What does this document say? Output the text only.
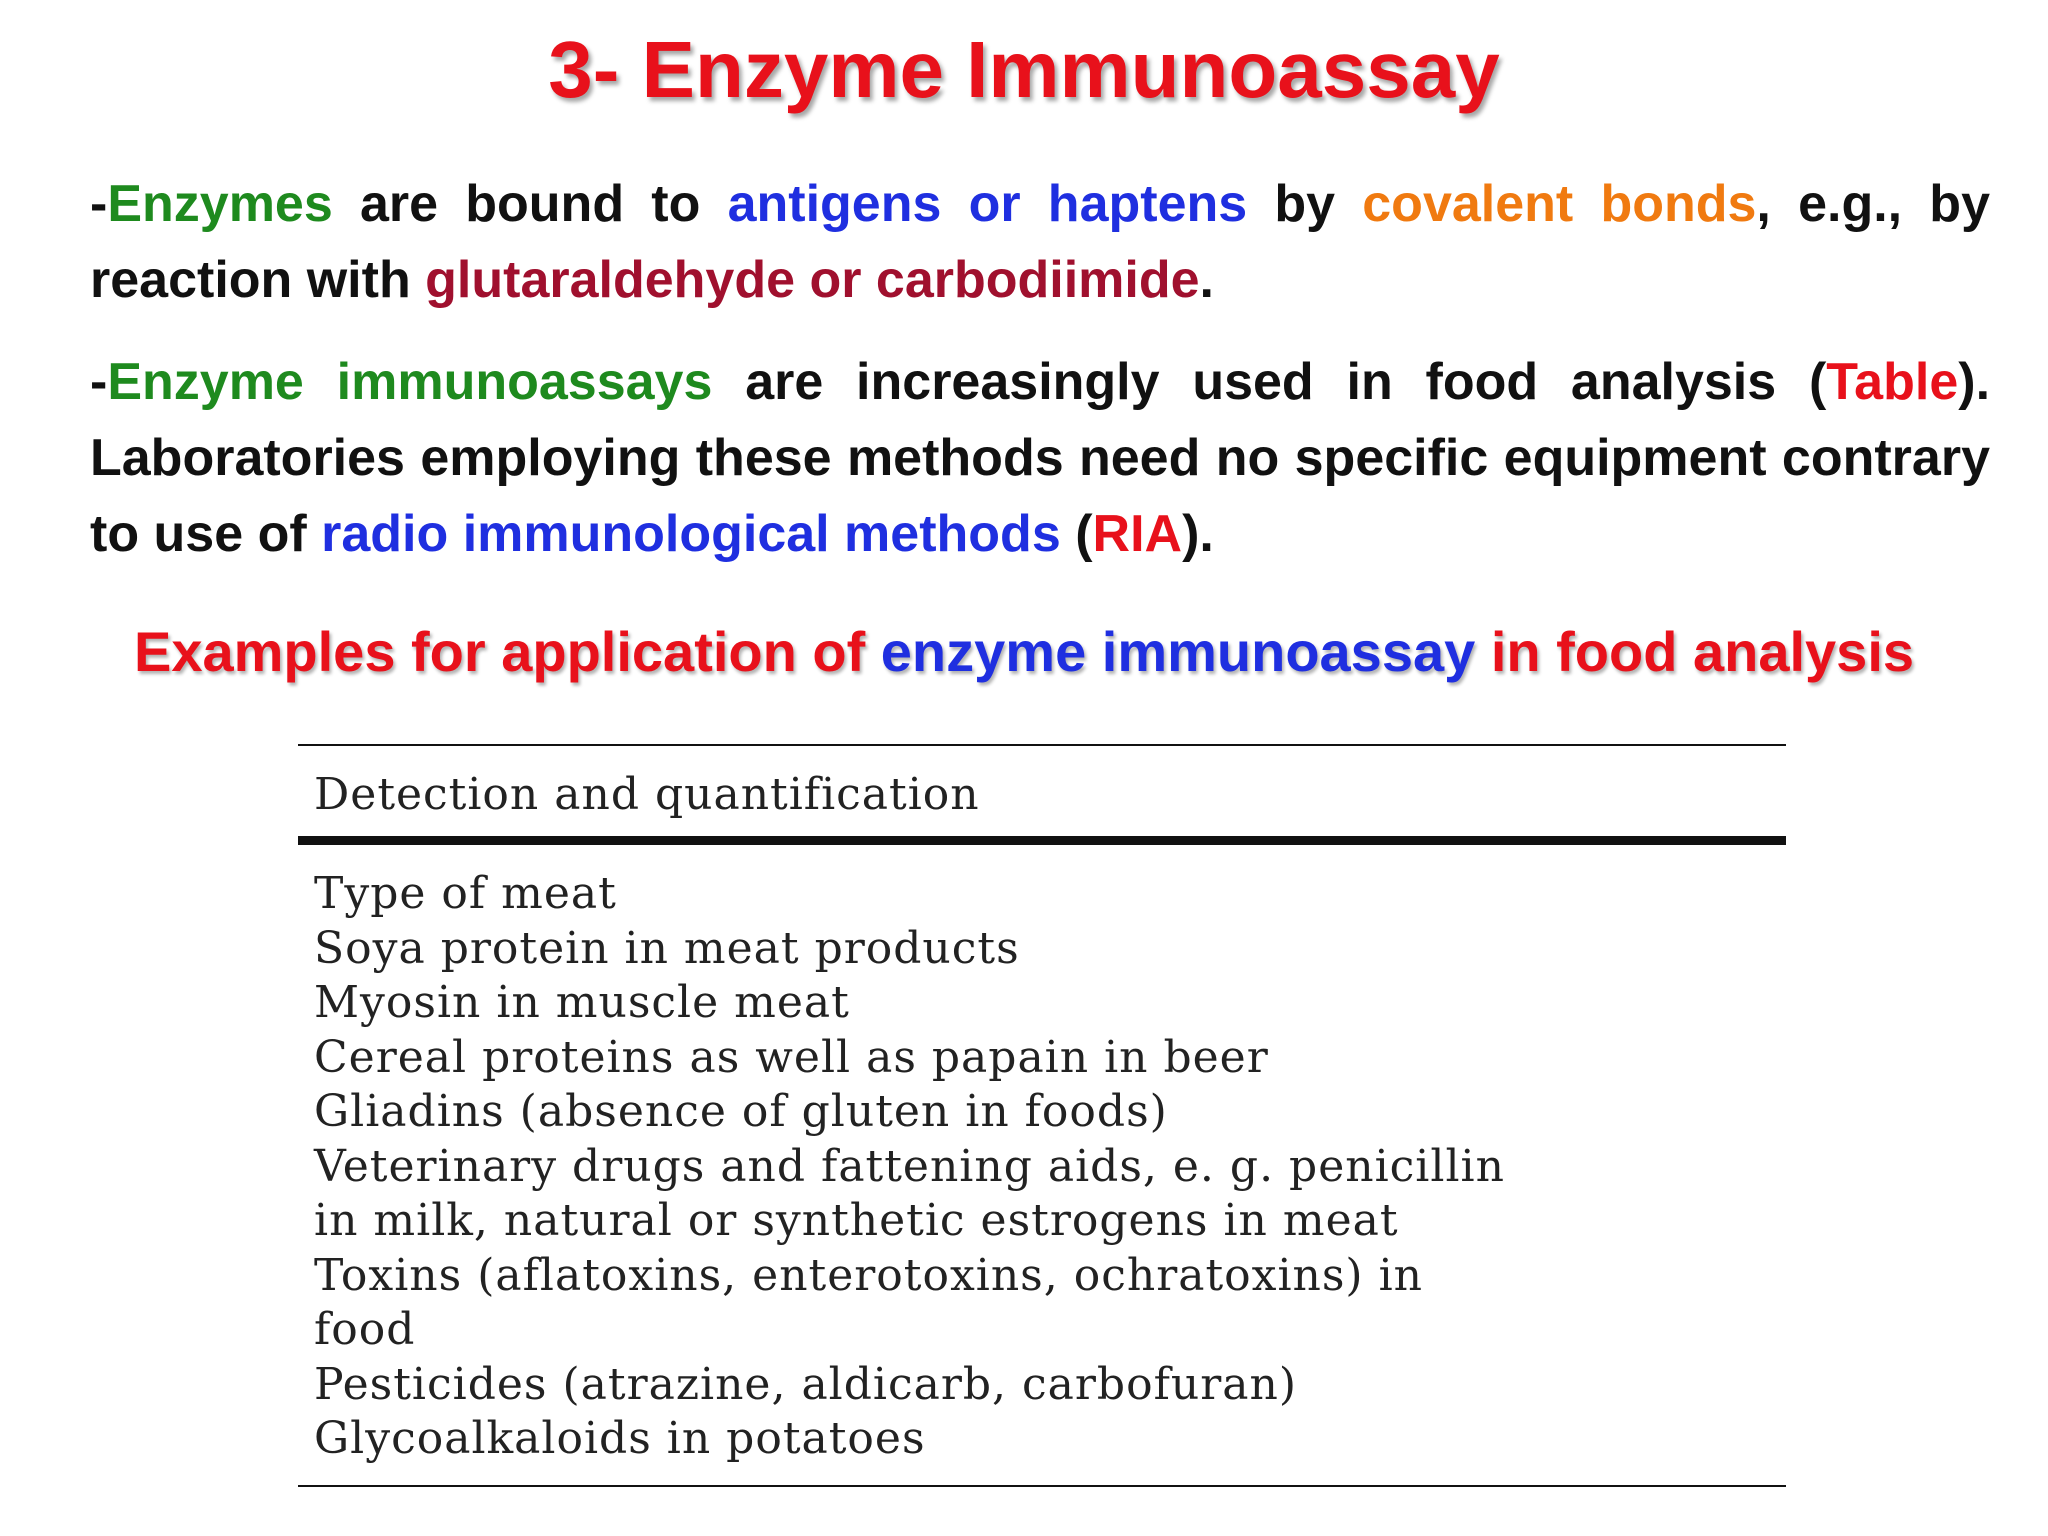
3- Enzyme Immunoassay

-Enzymes are bound to antigens or haptens by covalent bonds, e.g., by reaction with glutaraldehyde or carbodiimide.

-Enzyme immunoassays are increasingly used in food analysis (Table). Laboratories employing these methods need no specific equipment contrary to use of radio immunological methods (RIA).

Examples for application of enzyme immunoassay in food analysis
Detection and quantification
Type of meat
Soya protein in meat products
Myosin in muscle meat
Cereal proteins as well as papain in beer
Gliadins (absence of gluten in foods)
Veterinary drugs and fattening aids, e. g. penicillin
in milk, natural or synthetic estrogens in meat
Toxins (aflatoxins, enterotoxins, ochratoxins) in
food
Pesticides (atrazine, aldicarb, carbofuran)
Glycoalkaloids in potatoes
